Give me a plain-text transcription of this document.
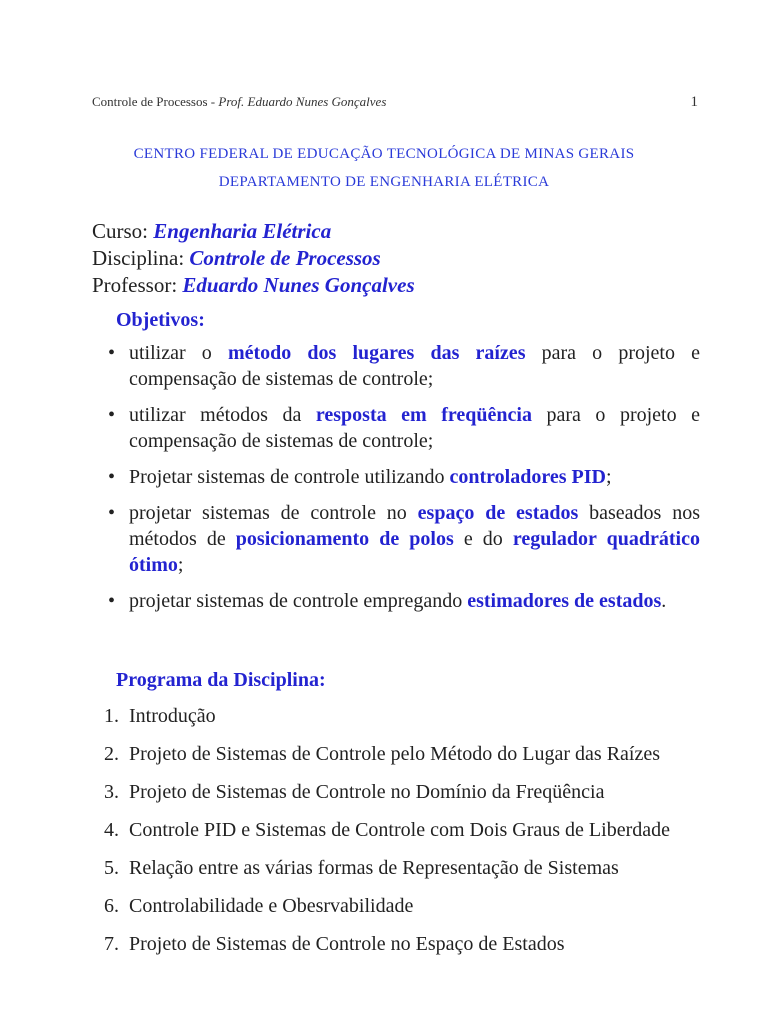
Controle de Processos - Prof. Eduardo Nunes Gonçalves	1
CENTRO FEDERAL DE EDUCAÇÃO TECNOLÓGICA DE MINAS GERAIS
DEPARTAMENTO DE ENGENHARIA ELÉTRICA
Curso: Engenharia Elétrica
Disciplina: Controle de Processos
Professor: Eduardo Nunes Gonçalves
Objetivos:
• utilizar o método dos lugares das raízes para o projeto e compensação de sistemas de controle;
• utilizar métodos da resposta em freqüência para o projeto e compensação de sistemas de controle;
• Projetar sistemas de controle utilizando controladores PID;
• projetar sistemas de controle no espaço de estados baseados nos métodos de posicionamento de polos e do regulador quadrático ótimo;
• projetar sistemas de controle empregando estimadores de estados.
Programa da Disciplina:
1. Introdução
2. Projeto de Sistemas de Controle pelo Método do Lugar das Raízes
3. Projeto de Sistemas de Controle no Domínio da Freqüência
4. Controle PID e Sistemas de Controle com Dois Graus de Liberdade
5. Relação entre as várias formas de Representação de Sistemas
6. Controlabilidade e Obesrvabilidade
7. Projeto de Sistemas de Controle no Espaço de Estados
